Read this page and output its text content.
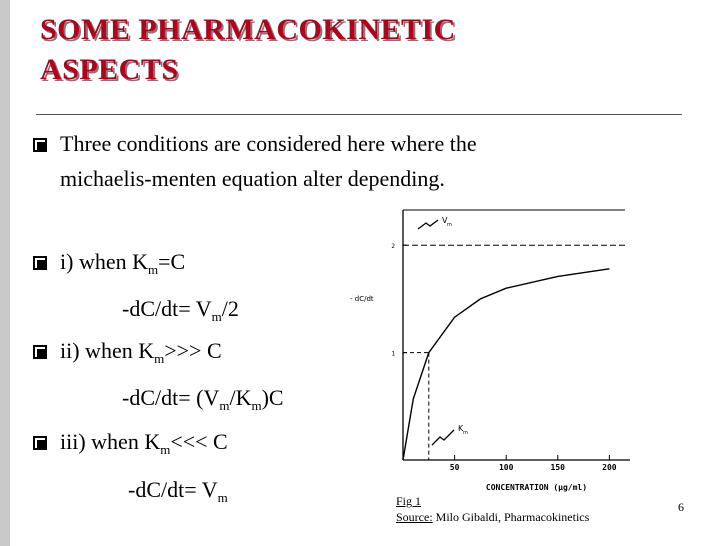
SOME PHARMACOKINETIC
ASPECTS
Three conditions are considered here where the
michaelis-menten equation alter depending.
i) when $K_m=C$
$-dC/dt= V_m/2$
ii) when $K_m>>> C$
$-dC/dt= (V_m/K_m)C$
iii) when $K_m<<< C$
$-dC/dt= V_m$
50	100	150	200
1
2
V m
K m
- dC/dt
CONCENTRATION (µg/ml)
Fig 1
Source: Milo Gibaldi, Pharmacokinetics
6
